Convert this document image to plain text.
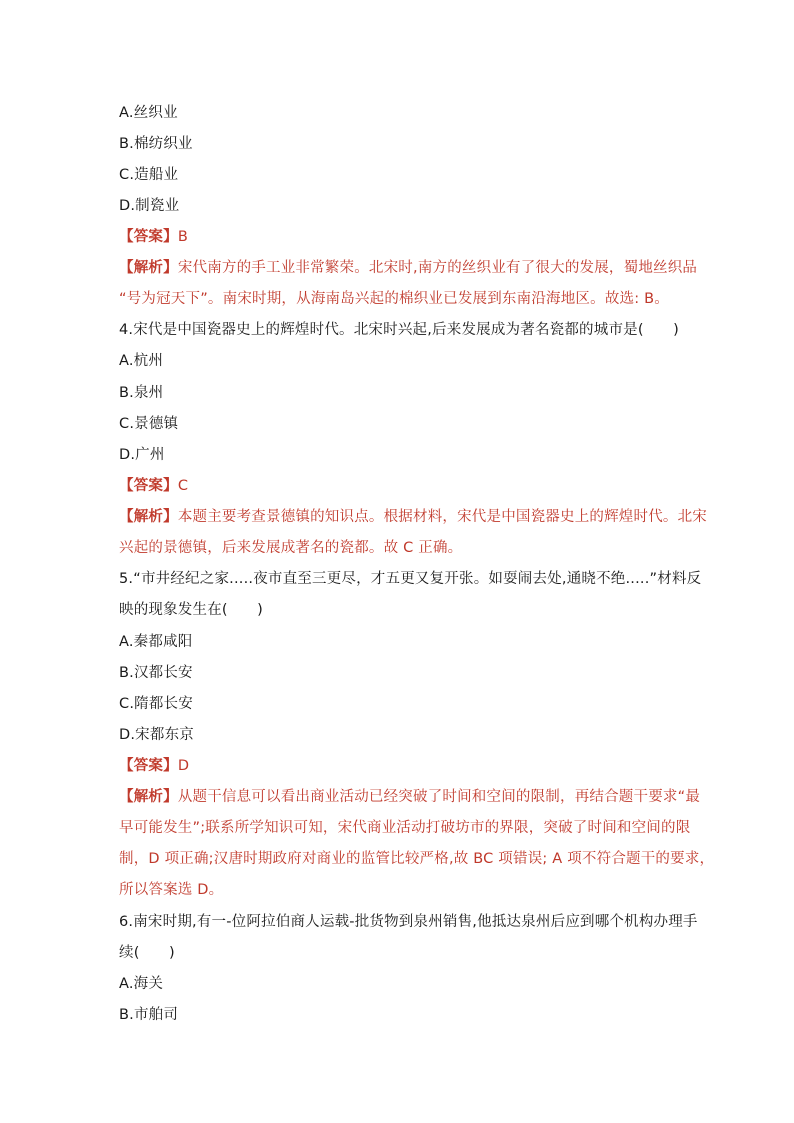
A.丝织业
B.棉纺织业
C.造船业
D.制瓷业
【答案】B
【解析】宋代南方的手工业非常繁荣。北宋时,南方的丝织业有了很大的发展，蜀地丝织品
“号为冠天下”。南宋时期，从海南岛兴起的棉织业已发展到东南沿海地区。故选: B。
4.宋代是中国瓷器史上的辉煌时代。北宋时兴起,后来发展成为著名瓷都的城市是(　　)
A.杭州
B.泉州
C.景德镇
D.广州
【答案】C
【解析】本题主要考查景德镇的知识点。根据材料，宋代是中国瓷器史上的辉煌时代。北宋
兴起的景德镇，后来发展成著名的瓷都。故 C 正确。
5.“市井经纪之家.....夜市直至三更尽，才五更又复开张。如耍闹去处,通晓不绝.....”材料反
映的现象发生在(　　)
A.秦都咸阳
B.汉都长安
C.隋都长安
D.宋都东京
【答案】D
【解析】从题干信息可以看出商业活动已经突破了时间和空间的限制，再结合题干要求“最
早可能发生”;联系所学知识可知，宋代商业活动打破坊市的界限，突破了时间和空间的限
制，D 项正确;汉唐时期政府对商业的监管比较严格,故 BC 项错误; A 项不符合题干的要求，
所以答案选 D。
6.南宋时期,有一-位阿拉伯商人运载-批货物到泉州销售,他抵达泉州后应到哪个机构办理手
续(　　)
A.海关
B.市舶司
